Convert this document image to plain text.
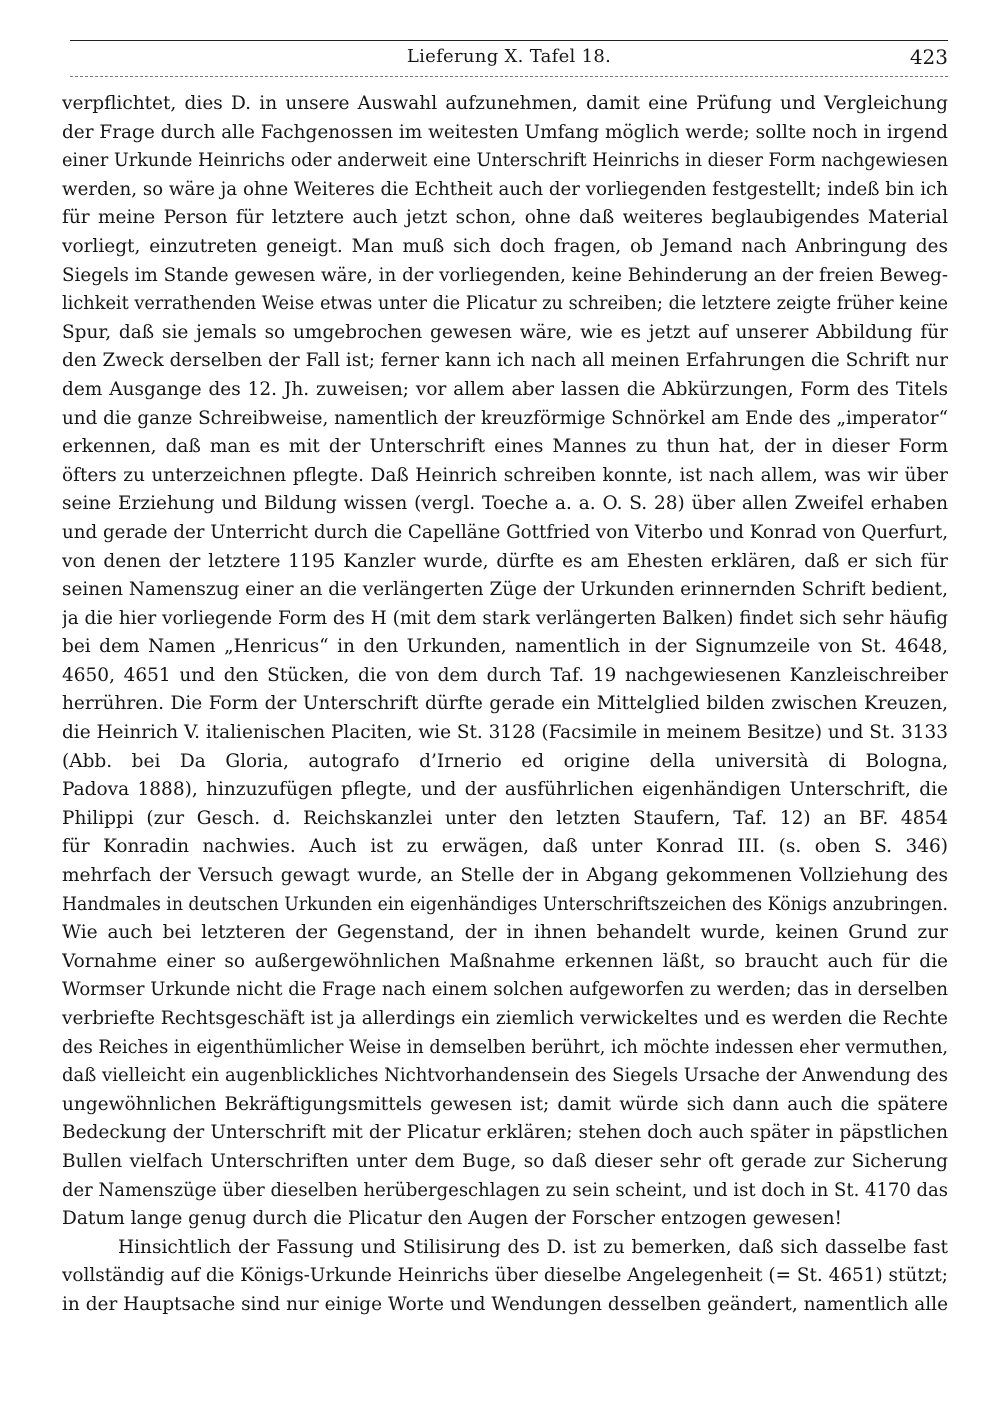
Lieferung X. Tafel 18.	423
verpflichtet, dies D. in unsere Auswahl aufzunehmen, damit eine Prüfung und Vergleichung
der Frage durch alle Fachgenossen im weitesten Umfang möglich werde; sollte noch in irgend
einer Urkunde Heinrichs oder anderweit eine Unterschrift Heinrichs in dieser Form nachgewiesen
werden, so wäre ja ohne Weiteres die Echtheit auch der vorliegenden festgestellt; indeß bin ich
für meine Person für letztere auch jetzt schon, ohne daß weiteres beglaubigendes Material
vorliegt, einzutreten geneigt. Man muß sich doch fragen, ob Jemand nach Anbringung des
Siegels im Stande gewesen wäre, in der vorliegenden, keine Behinderung an der freien Beweg-
lichkeit verrathenden Weise etwas unter die Plicatur zu schreiben; die letztere zeigte früher keine
Spur, daß sie jemals so umgebrochen gewesen wäre, wie es jetzt auf unserer Abbildung für
den Zweck derselben der Fall ist; ferner kann ich nach all meinen Erfahrungen die Schrift nur
dem Ausgange des 12. Jh. zuweisen; vor allem aber lassen die Abkürzungen, Form des Titels
und die ganze Schreibweise, namentlich der kreuzförmige Schnörkel am Ende des „imperator“
erkennen, daß man es mit der Unterschrift eines Mannes zu thun hat, der in dieser Form
öfters zu unterzeichnen pflegte. Daß Heinrich schreiben konnte, ist nach allem, was wir über
seine Erziehung und Bildung wissen (vergl. Toeche a. a. O. S. 28) über allen Zweifel erhaben
und gerade der Unterricht durch die Capelläne Gottfried von Viterbo und Konrad von Querfurt,
von denen der letztere 1195 Kanzler wurde, dürfte es am Ehesten erklären, daß er sich für
seinen Namenszug einer an die verlängerten Züge der Urkunden erinnernden Schrift bedient,
ja die hier vorliegende Form des H (mit dem stark verlängerten Balken) findet sich sehr häufig
bei dem Namen „Henricus“ in den Urkunden, namentlich in der Signumzeile von St. 4648,
4650, 4651 und den Stücken, die von dem durch Taf. 19 nachgewiesenen Kanzleischreiber
herrühren. Die Form der Unterschrift dürfte gerade ein Mittelglied bilden zwischen Kreuzen,
die Heinrich V. italienischen Placiten, wie St. 3128 (Facsimile in meinem Besitze) und St. 3133
(Abb. bei Da Gloria, autografo d’Irnerio ed origine della università di Bologna,
Padova 1888), hinzuzufügen pflegte, und der ausführlichen eigenhändigen Unterschrift, die
Philippi (zur Gesch. d. Reichskanzlei unter den letzten Staufern, Taf. 12) an BF. 4854
für Konradin nachwies. Auch ist zu erwägen, daß unter Konrad III. (s. oben S. 346)
mehrfach der Versuch gewagt wurde, an Stelle der in Abgang gekommenen Vollziehung des
Handmales in deutschen Urkunden ein eigenhändiges Unterschriftszeichen des Königs anzubringen.
Wie auch bei letzteren der Gegenstand, der in ihnen behandelt wurde, keinen Grund zur
Vornahme einer so außergewöhnlichen Maßnahme erkennen läßt, so braucht auch für die
Wormser Urkunde nicht die Frage nach einem solchen aufgeworfen zu werden; das in derselben
verbriefte Rechtsgeschäft ist ja allerdings ein ziemlich verwickeltes und es werden die Rechte
des Reiches in eigenthümlicher Weise in demselben berührt, ich möchte indessen eher vermuthen,
daß vielleicht ein augenblickliches Nichtvorhandensein des Siegels Ursache der Anwendung des
ungewöhnlichen Bekräftigungsmittels gewesen ist; damit würde sich dann auch die spätere
Bedeckung der Unterschrift mit der Plicatur erklären; stehen doch auch später in päpstlichen
Bullen vielfach Unterschriften unter dem Buge, so daß dieser sehr oft gerade zur Sicherung
der Namenszüge über dieselben herübergeschlagen zu sein scheint, und ist doch in St. 4170 das
Datum lange genug durch die Plicatur den Augen der Forscher entzogen gewesen!
Hinsichtlich der Fassung und Stilisirung des D. ist zu bemerken, daß sich dasselbe fast
vollständig auf die Königs-Urkunde Heinrichs über dieselbe Angelegenheit (= St. 4651) stützt;
in der Hauptsache sind nur einige Worte und Wendungen desselben geändert, namentlich alle
